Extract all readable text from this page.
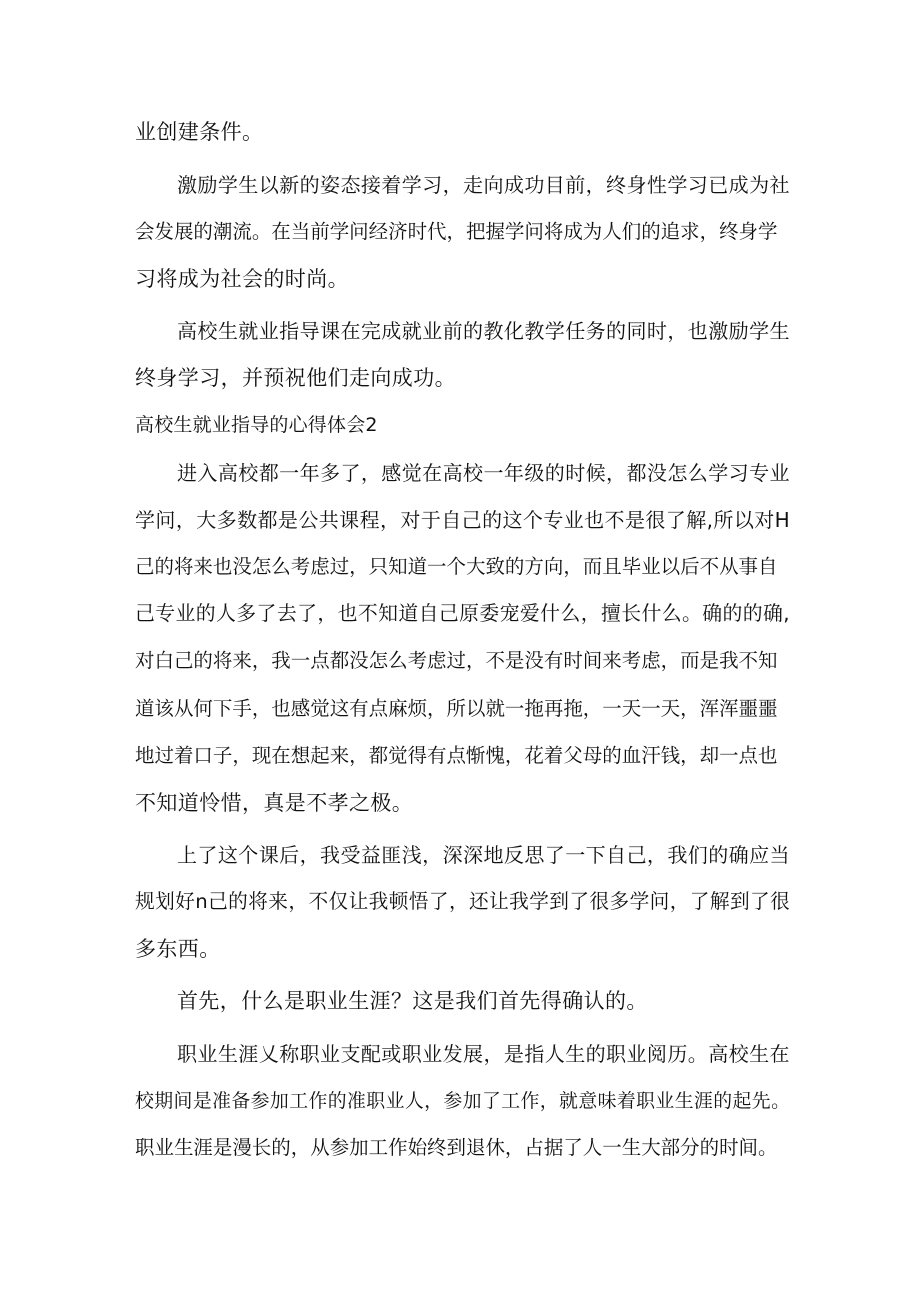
业创建条件。
激励学生以新的姿态接着学习，走向成功目前，终身性学习已成为社
会发展的潮流。在当前学问经济时代，把握学问将成为人们的追求，终身学
习将成为社会的时尚。
高校生就业指导课在完成就业前的教化教学任务的同时，也激励学生
终身学习，并预祝他们走向成功。
高校生就业指导的心得体会2
进入高校都一年多了，感觉在高校一年级的时候，都没怎么学习专业
学问，大多数都是公共课程，对于自己的这个专业也不是很了解,所以对H
己的将来也没怎么考虑过，只知道一个大致的方向，而且毕业以后不从事自
己专业的人多了去了，也不知道自己原委宠爱什么，擅长什么。确的的确,
对白己的将来，我一点都没怎么考虑过，不是没有时间来考虑，而是我不知
道该从何下手，也感觉这有点麻烦，所以就一拖再拖，一天一天，浑浑噩噩
地过着口子，现在想起来，都觉得有点惭愧，花着父母的血汗钱，却一点也
不知道怜惜，真是不孝之极。
上了这个课后，我受益匪浅，深深地反思了一下自己，我们的确应当
规划好n己的将来，不仅让我顿悟了，还让我学到了很多学问，了解到了很
多东西。
首先，什么是职业生涯？这是我们首先得确认的。
职业生涯乂称职业支配或职业发展，是指人生的职业阅历。高校生在
校期间是准备参加工作的准职业人，参加了工作，就意味着职业生涯的起先。
职业生涯是漫长的，从参加工作始终到退休，占据了人一生大部分的时间。
